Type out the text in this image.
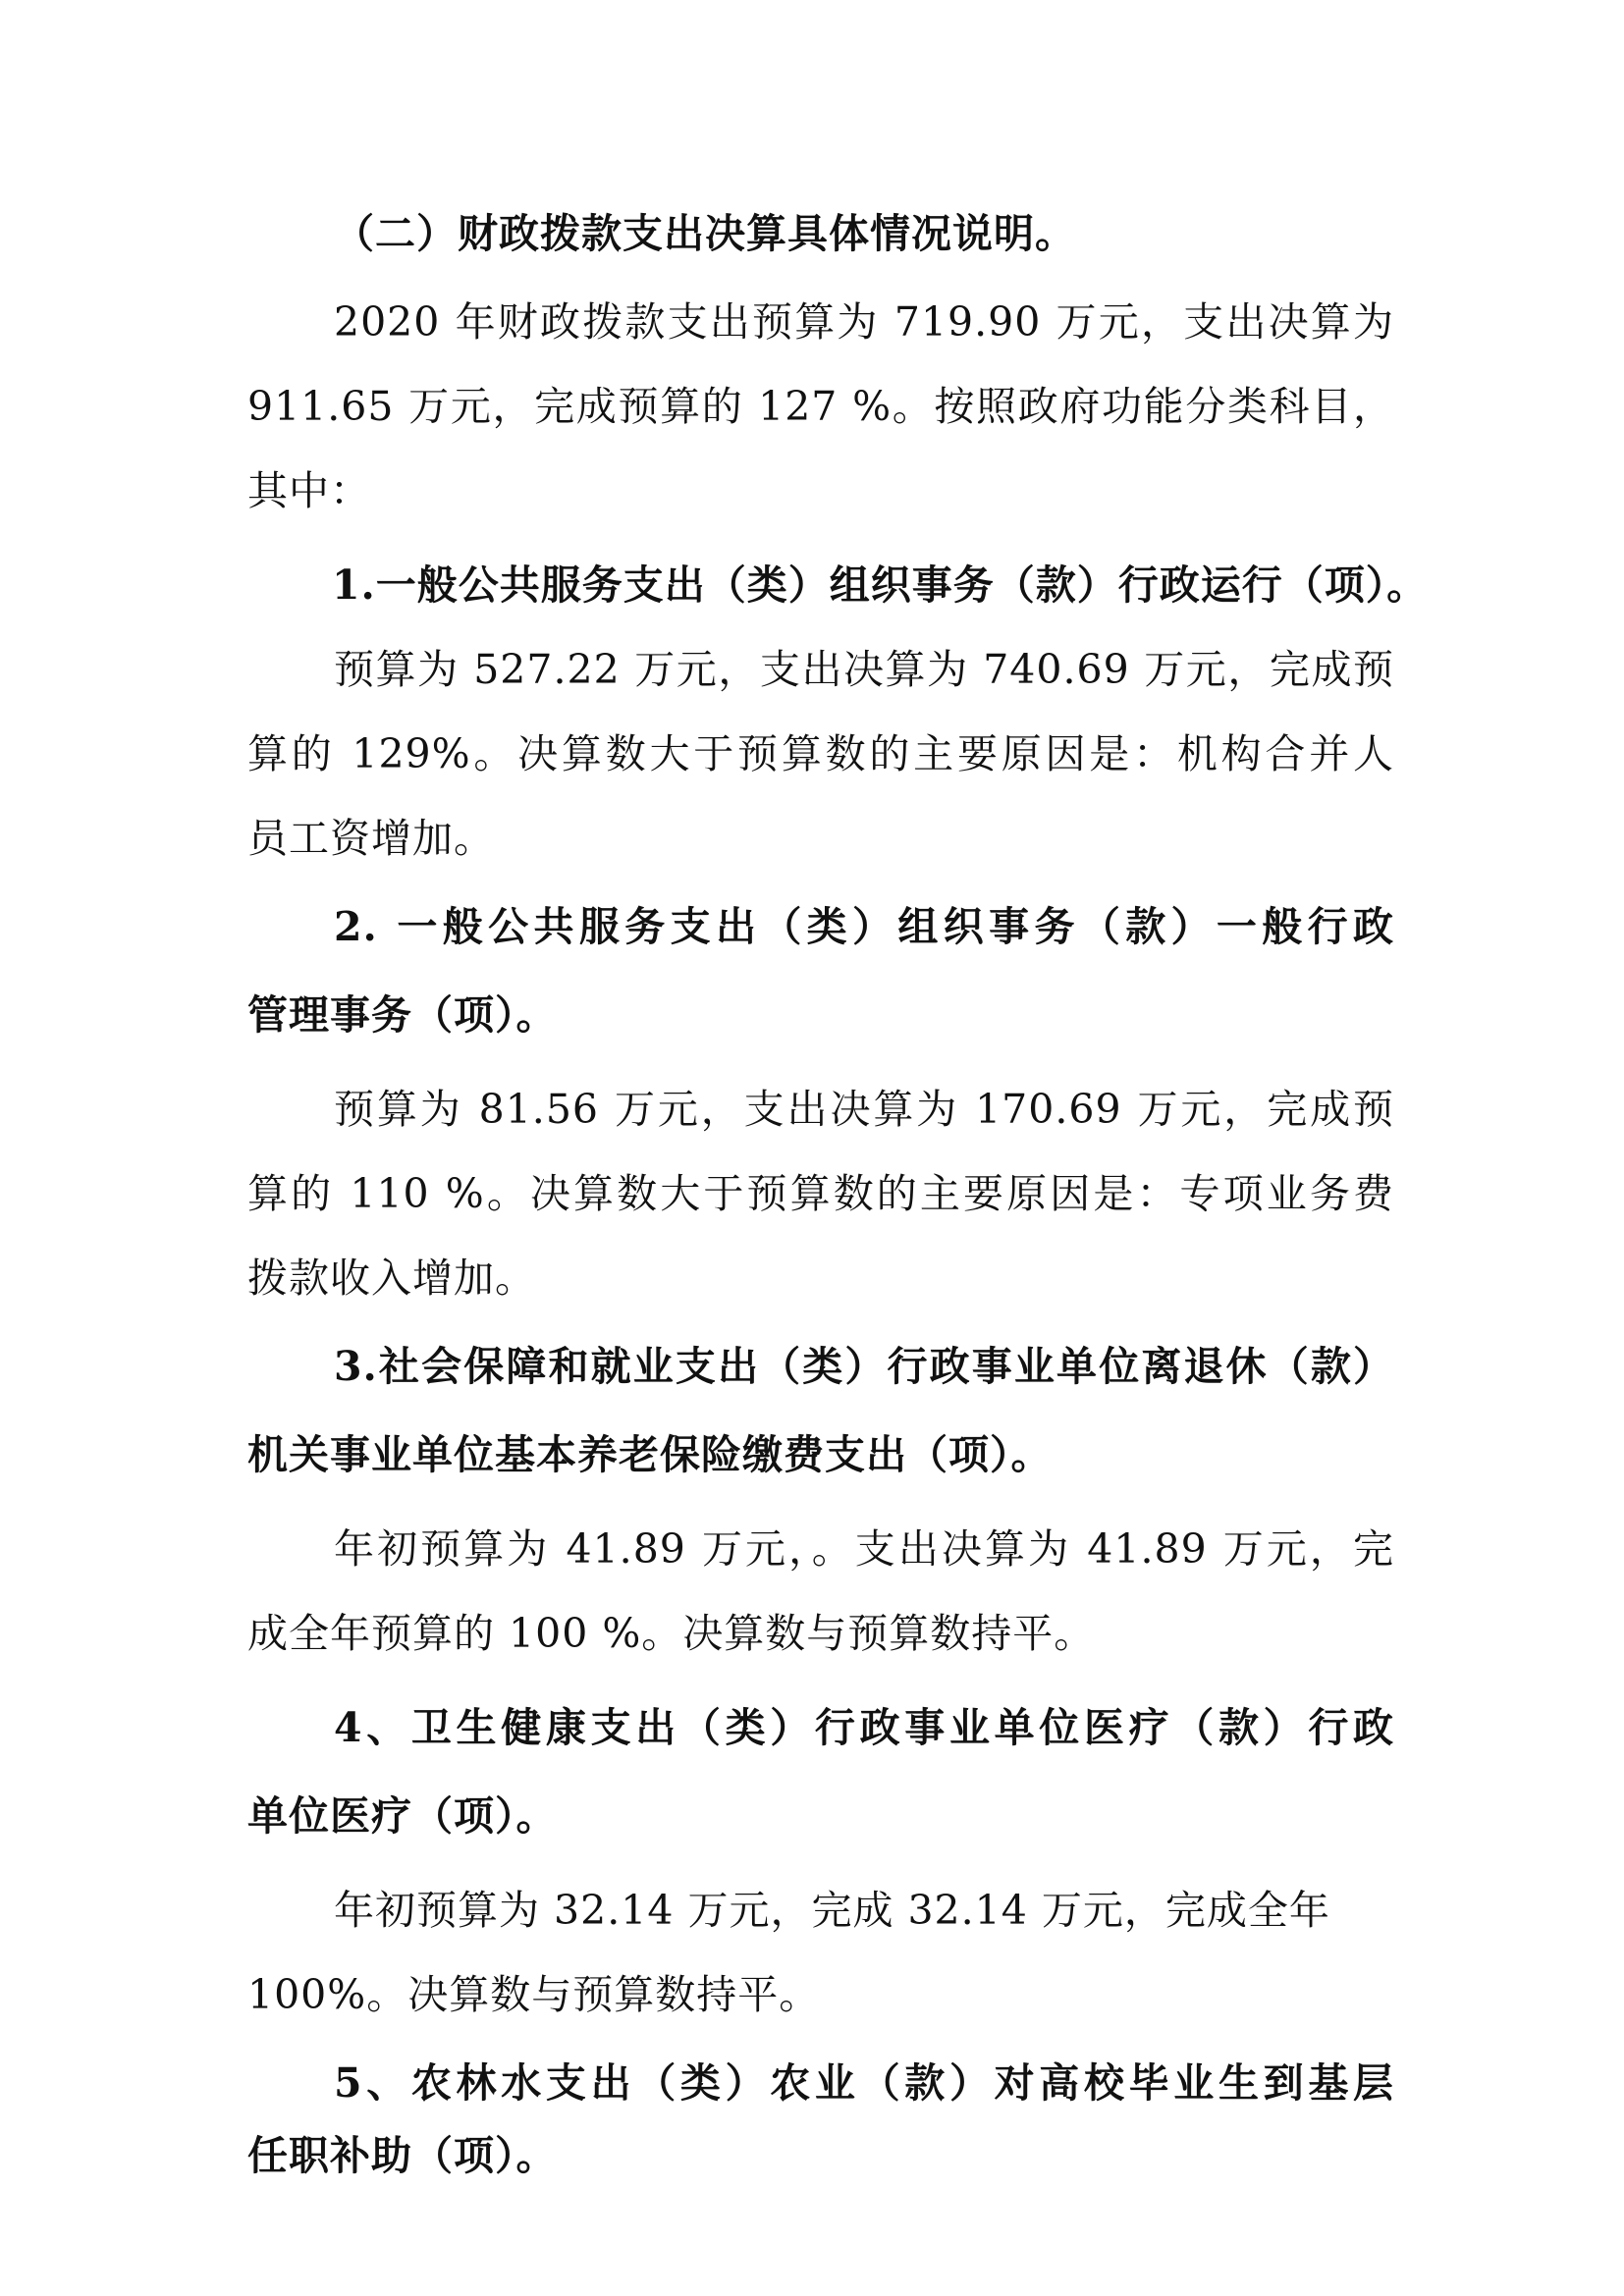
（二）财政拨款支出决算具体情况说明。
2020 年财政拨款支出预算为 719.90 万元，支出决算为
911.65 万元，完成预算的 127 %。按照政府功能分类科目，
其中：
1.一般公共服务支出（类）组织事务（款）行政运行（项）。
预算为 527.22 万元，支出决算为 740.69 万元，完成预
算的 129%。决算数大于预算数的主要原因是：机构合并人
员工资增加。
2. 一般公共服务支出（类）组织事务（款）一般行政
管理事务（项）。
预算为 81.56 万元，支出决算为 170.69 万元，完成预
算的 110 %。决算数大于预算数的主要原因是：专项业务费
拨款收入增加。
3.社会保障和就业支出（类）行政事业单位离退休（款）
机关事业单位基本养老保险缴费支出（项）。
年初预算为 41.89 万元，。支出决算为 41.89 万元，完
成全年预算的 100 %。决算数与预算数持平。
4、卫生健康支出（类）行政事业单位医疗（款）行政
单位医疗（项）。
年初预算为 32.14 万元，完成 32.14 万元，完成全年
100%。决算数与预算数持平。
5、农林水支出（类）农业（款）对高校毕业生到基层
任职补助（项）。
